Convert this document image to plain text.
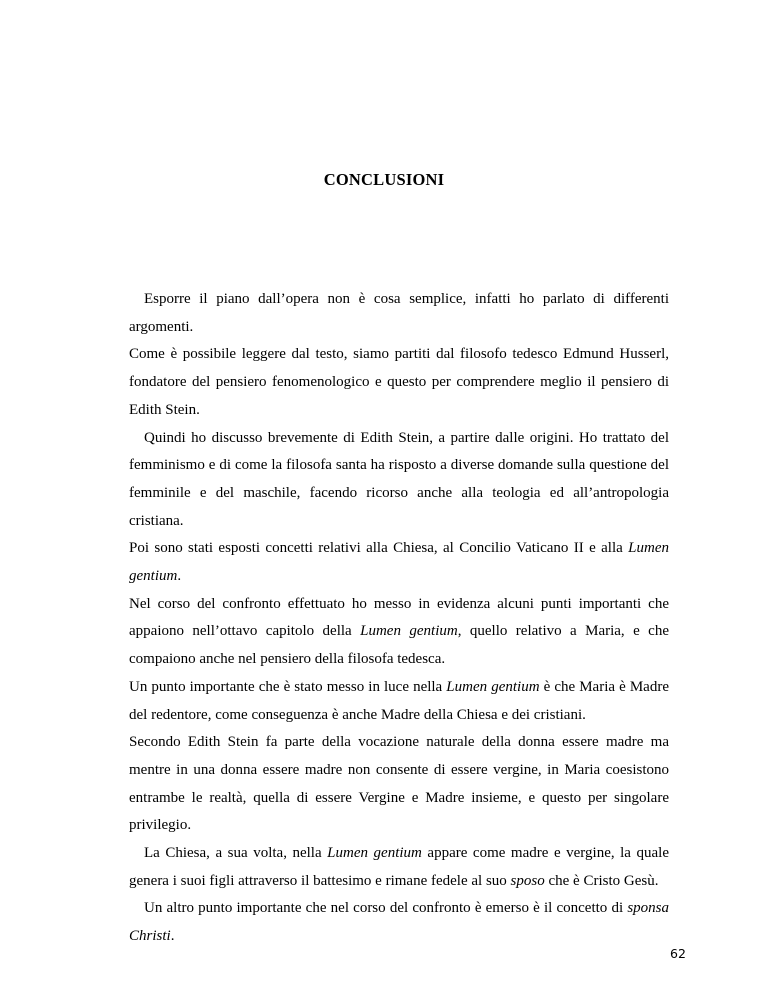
CONCLUSIONI

Esporre il piano dall’opera non è cosa semplice, infatti ho parlato di differenti argomenti.

Come è possibile leggere dal testo, siamo partiti dal filosofo tedesco Edmund Husserl, fondatore del pensiero fenomenologico e questo per comprendere meglio il pensiero di Edith Stein.

Quindi ho discusso brevemente di Edith Stein, a partire dalle origini. Ho trattato del femminismo e di come la filosofa santa ha risposto a diverse domande sulla questione del femminile e del maschile, facendo ricorso anche alla teologia ed all’antropologia cristiana.

Poi sono stati esposti concetti relativi alla Chiesa, al Concilio Vaticano II e alla Lumen gentium.

Nel corso del confronto effettuato ho messo in evidenza alcuni punti importanti che appaiono nell’ottavo capitolo della Lumen gentium, quello relativo a Maria, e che compaiono anche nel pensiero della filosofa tedesca.

Un punto importante che è stato messo in luce nella Lumen gentium è che Maria è Madre del redentore, come conseguenza è anche Madre della Chiesa e dei cristiani.

Secondo Edith Stein fa parte della vocazione naturale della donna essere madre ma mentre in una donna essere madre non consente di essere vergine, in Maria coesistono entrambe le realtà, quella di essere Vergine e Madre insieme, e questo per singolare privilegio.

La Chiesa, a sua volta, nella Lumen gentium appare come madre e vergine, la quale genera i suoi figli attraverso il battesimo e rimane fedele al suo sposo che è Cristo Gesù.

Un altro punto importante che nel corso del confronto è emerso è il concetto di sponsa Christi.

62
